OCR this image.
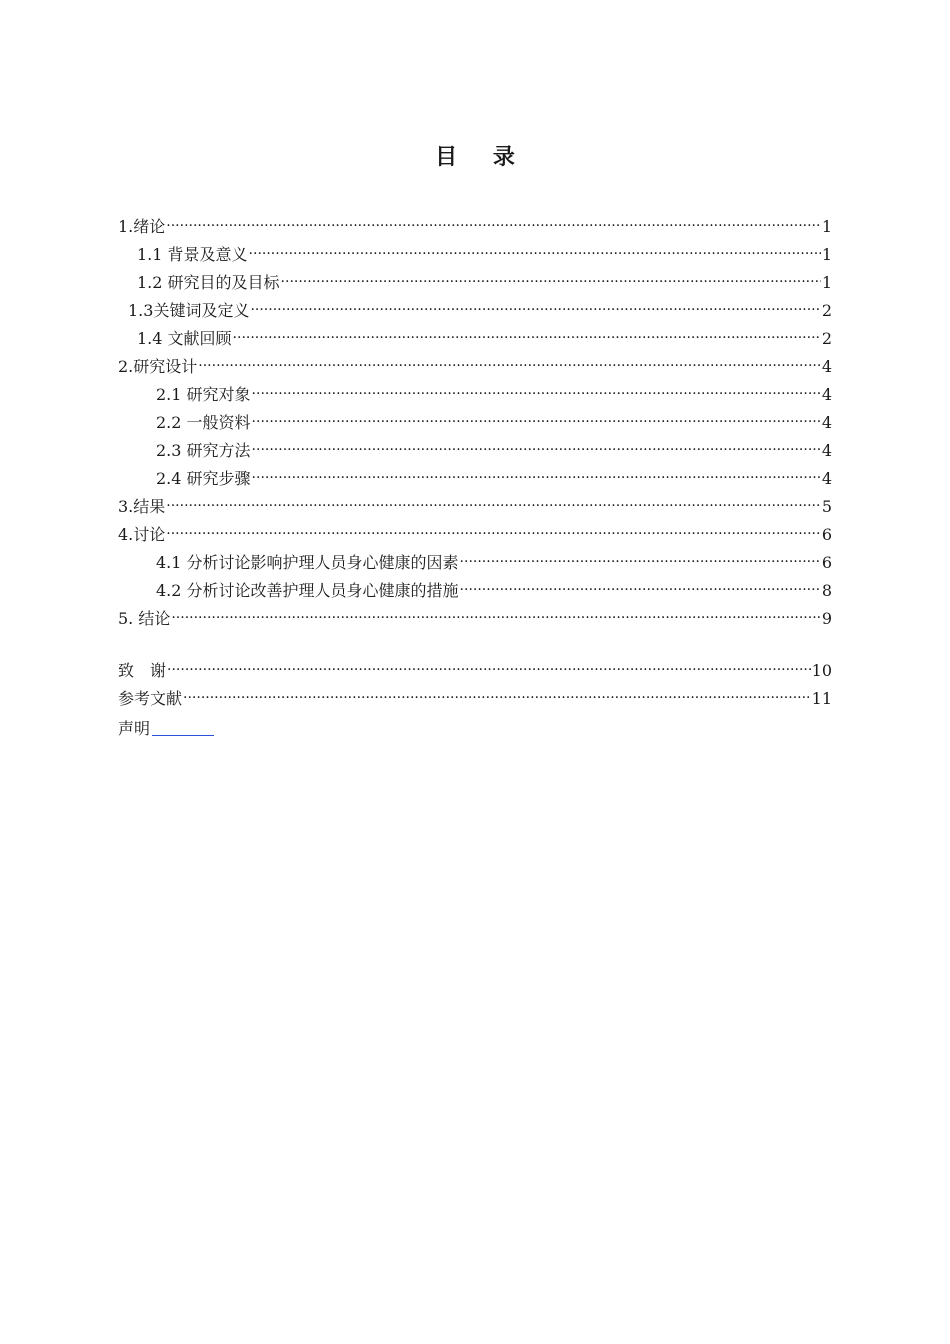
目 录
1.绪论 .....	1
1.1 背景及意义 .....	1
1.2 研究目的及目标 .....	1
1.3关键词及定义 .....	2
1.4 文献回顾 .....	2
2.研究设计 .....	4
2.1 研究对象 .....	4
2.2 一般资料 .....	4
2.3 研究方法 .....	4
2.4 研究步骤 .....	4
3.结果 .....	5
4.讨论 .....	6
4.1 分析讨论影响护理人员身心健康的因素 .....	6
4.2 分析讨论改善护理人员身心健康的措施 .....	8
5. 结论 .....	9
致　谢 .....	10
参考文献 .....	11
声明
